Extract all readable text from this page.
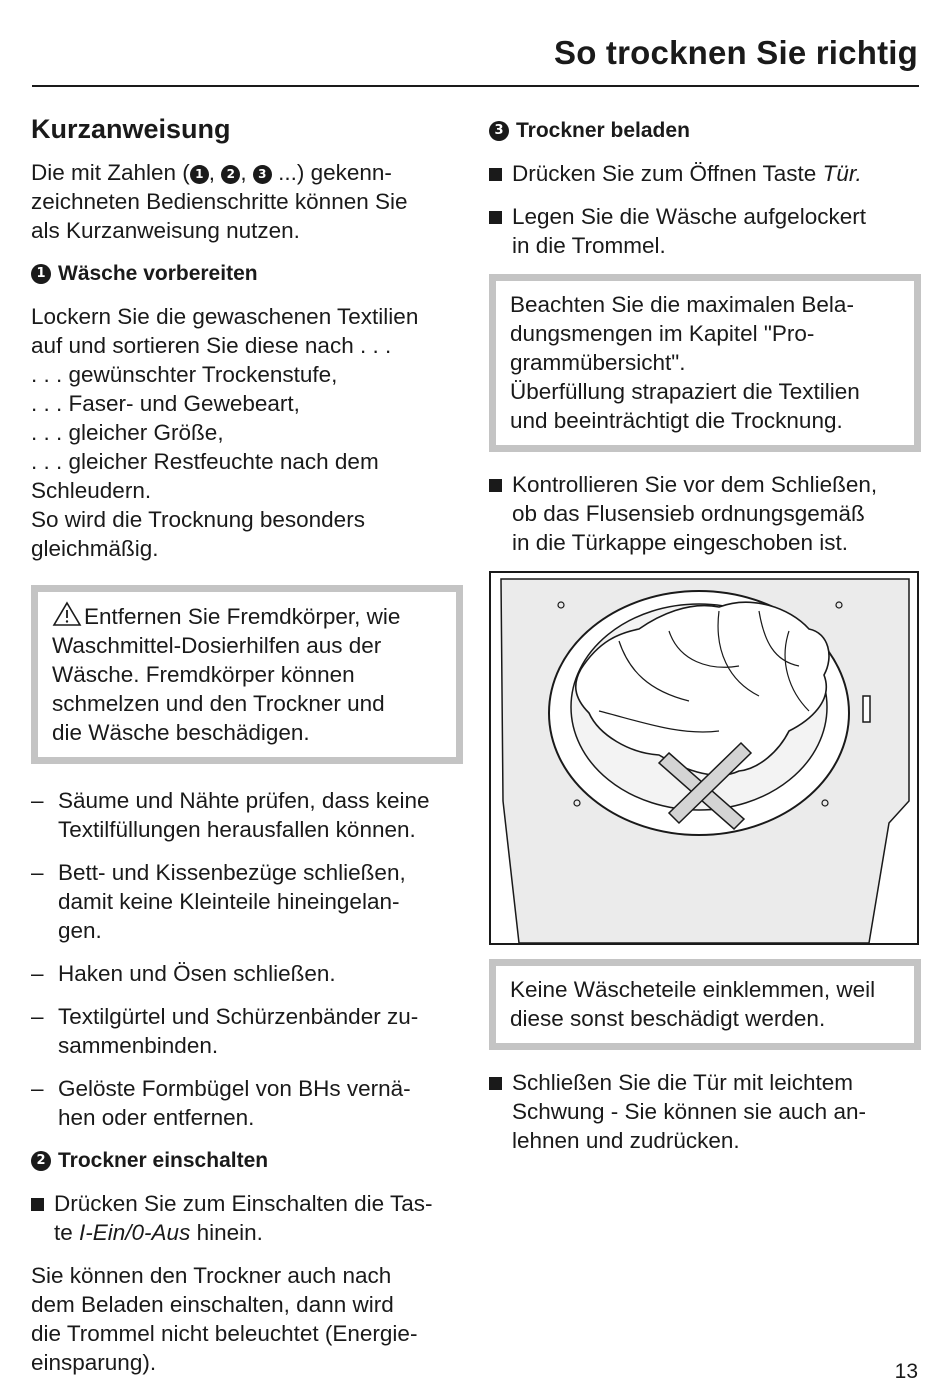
So trocknen Sie richtig
Kurzanweisung

Die mit Zahlen ( 1 , 2 , 3 ...) gekenn-
zeichneten Bedienschritte können Sie
als Kurzanweisung nutzen.

1 Wäsche vorbereiten

Lockern Sie die gewaschenen Textilien
auf und sortieren Sie diese nach . . .
. . . gewünschter Trockenstufe,
. . . Faser- und Gewebeart,
. . . gleicher Größe,
. . . gleicher Restfeuchte nach dem
Schleudern.
So wird die Trocknung besonders
gleichmäßig.

Entfernen Sie Fremdkörper, wie
Waschmittel-Dosierhilfen aus der
Wäsche. Fremdkörper können
schmelzen und den Trockner und
die Wäsche beschädigen.
– Säume und Nähte prüfen, dass keine
Textilfüllungen herausfallen können.
– Bett- und Kissenbezüge schließen,
damit keine Kleinteile hineingelan-
gen.
– Haken und Ösen schließen.
– Textilgürtel und Schürzenbänder zu-
sammenbinden.
– Gelöste Formbügel von BHs vernä-
hen oder entfernen.
2 Trockner einschalten
Drücken Sie zum Einschalten die Tas-
te I-Ein/0-Aus hinein.

Sie können den Trockner auch nach
dem Beladen einschalten, dann wird
die Trommel nicht beleuchtet (Energie-
einsparung).

3 Trockner beladen
Drücken Sie zum Öffnen Taste Tür.
Legen Sie die Wäsche aufgelockert
in die Trommel.
Beachten Sie die maximalen Bela-
dungsmengen im Kapitel "Pro-
grammübersicht".
Überfüllung strapaziert die Textilien
und beeinträchtigt die Trocknung.
Kontrollieren Sie vor dem Schließen,
ob das Flusensieb ordnungsgemäß
in die Türkappe eingeschoben ist.
Keine Wäscheteile einklemmen, weil
diese sonst beschädigt werden.
Schließen Sie die Tür mit leichtem
Schwung - Sie können sie auch an-
lehnen und zudrücken.

13
